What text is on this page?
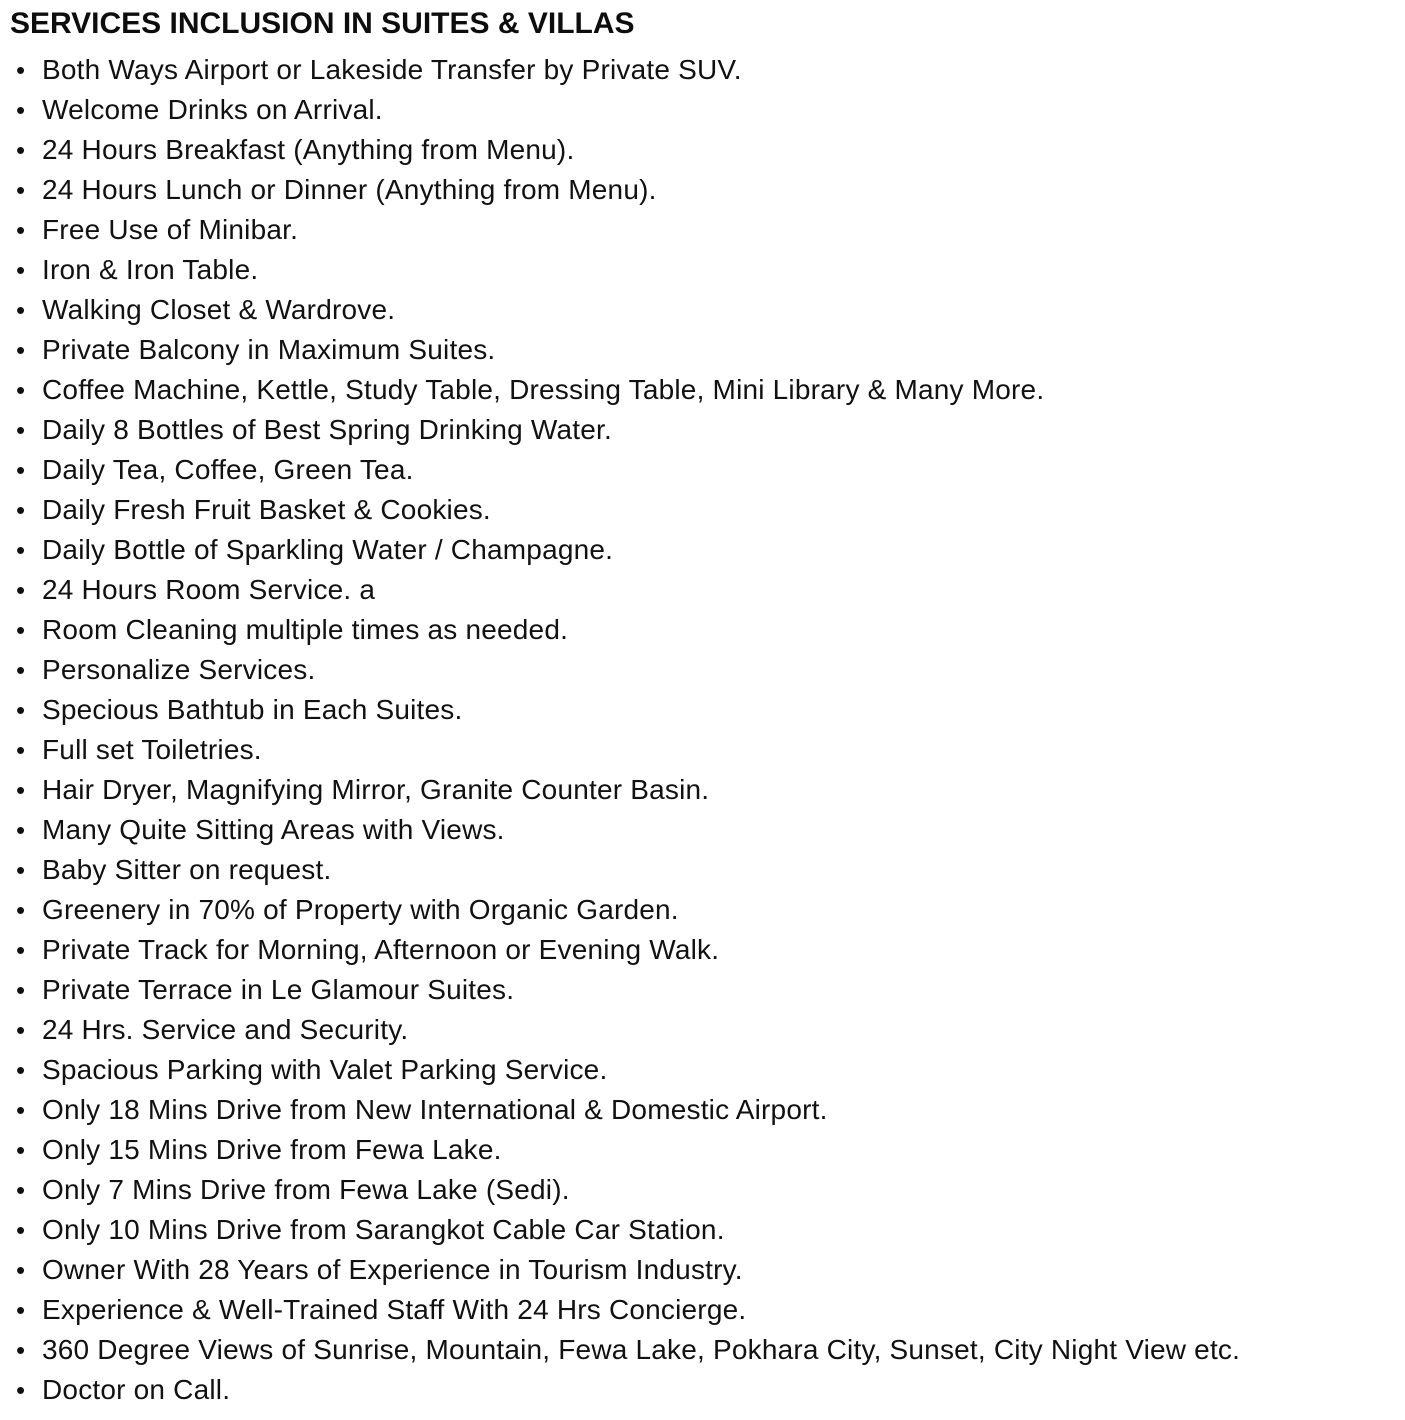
SERVICES INCLUSION IN SUITES & VILLAS
• Both Ways Airport or Lakeside Transfer by Private SUV.
• Welcome Drinks on Arrival.
• 24 Hours Breakfast (Anything from Menu).
• 24 Hours Lunch or Dinner (Anything from Menu).
• Free Use of Minibar.
• Iron & Iron Table.
• Walking Closet & Wardrove.
• Private Balcony in Maximum Suites.
• Coffee Machine, Kettle, Study Table, Dressing Table, Mini Library & Many More.
• Daily 8 Bottles of Best Spring Drinking Water.
• Daily Tea, Coffee, Green Tea.
• Daily Fresh Fruit Basket & Cookies.
• Daily Bottle of Sparkling Water / Champagne.
• 24 Hours Room Service. a
• Room Cleaning multiple times as needed.
• Personalize Services.
• Specious Bathtub in Each Suites.
• Full set Toiletries.
• Hair Dryer, Magnifying Mirror, Granite Counter Basin.
• Many Quite Sitting Areas with Views.
• Baby Sitter on request.
• Greenery in 70% of Property with Organic Garden.
• Private Track for Morning, Afternoon or Evening Walk.
• Private Terrace in Le Glamour Suites.
• 24 Hrs. Service and Security.
• Spacious Parking with Valet Parking Service.
• Only 18 Mins Drive from New International & Domestic Airport.
• Only 15 Mins Drive from Fewa Lake.
• Only 7 Mins Drive from Fewa Lake (Sedi).
• Only 10 Mins Drive from Sarangkot Cable Car Station.
• Owner With 28 Years of Experience in Tourism Industry.
• Experience & Well-Trained Staff With 24 Hrs Concierge.
• 360 Degree Views of Sunrise, Mountain, Fewa Lake, Pokhara City, Sunset, City Night View etc.
• Doctor on Call.
